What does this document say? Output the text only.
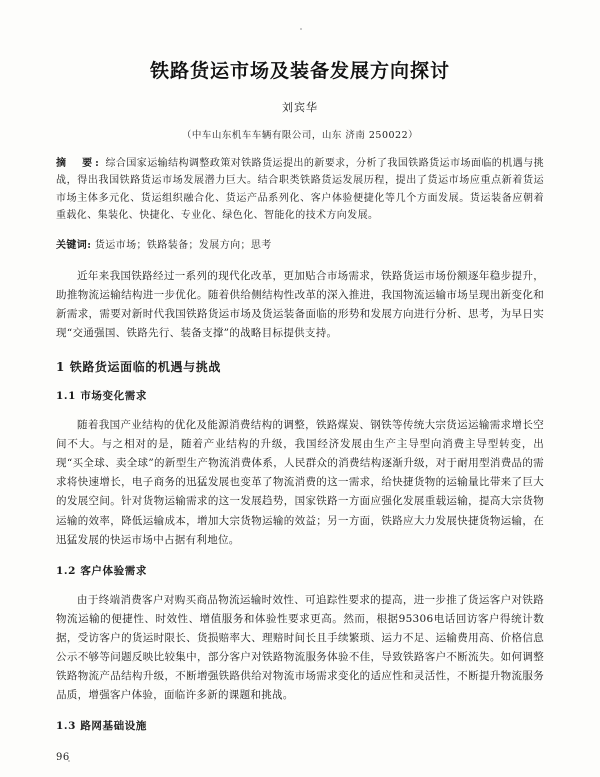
铁路货运市场及装备发展方向探讨
刘宾华
（中车山东机车车辆有限公司，山东 济南 250022）
摘　要: 综合国家运输结构调整政策对铁路货运提出的新要求，分析了我国铁路货运市场面临的机遇与挑战，得出我国铁路货运市场发展潜力巨大。结合职类铁路货运发展历程，提出了货运市场应重点新着货运市场主体多元化、货运组织融合化、货运产品系列化、客户体验便捷化等几个方面发展。货运装备应朝着重载化、集装化、快捷化、专业化、绿色化、智能化的技术方向发展。
关键词: 货运市场；铁路装备；发展方向；思考

近年来我国铁路经过一系列的现代化改革，更加贴合市场需求，铁路货运市场份额逐年稳步提升，助推物流运输结构进一步优化。随着供给侧结构性改革的深入推进，我国物流运输市场呈现出新变化和新需求，需要对新时代我国铁路货运市场及货运装备面临的形势和发展方向进行分析、思考，为早日实现“交通强国、铁路先行、装备支撑”的战略目标提供支持。

1 铁路货运面临的机遇与挑战
1.1 市场变化需求

随着我国产业结构的优化及能源消费结构的调整，铁路煤炭、钢铁等传统大宗货运运输需求增长空间不大。与之相对的是，随着产业结构的升级，我国经济发展由生产主导型向消费主导型转变，出现“买全球、卖全球”的新型生产物流消费体系，人民群众的消费结构逐渐升级，对于耐用型消费品的需求将快速增长，电子商务的迅猛发展也变革了物流消费的这一需求，给快捷货物的运输量比带来了巨大的发展空间。针对货物运输需求的这一发展趋势，国家铁路一方面应强化发展重载运输，提高大宗货物运输的效率，降低运输成本，增加大宗货物运输的效益；另一方面，铁路应大力发展快捷货物运输，在迅猛发展的快运市场中占据有利地位。

1.2 客户体验需求

由于终端消费客户对购买商品物流运输时效性、可追踪性要求的提高，进一步推了货运客户对铁路物流运输的便捷性、时效性、增值服务和体验性要求更高。然而，根据95306电话回访客户得统计数据，受访客户的货运时限长、货损赔率大、理赔时间长且手续繁琐、运力不足、运输费用高、价格信息公示不够等问题反映比较集中，部分客户对铁路物流服务体验不佳，导致铁路客户不断流失。如何调整铁路物流产品结构升级，不断增强铁路供给对物流市场需求变化的适应性和灵活性，不断提升物流服务品质，增强客户体验，面临许多新的课题和挑战。

1.3 路网基础设施
96
